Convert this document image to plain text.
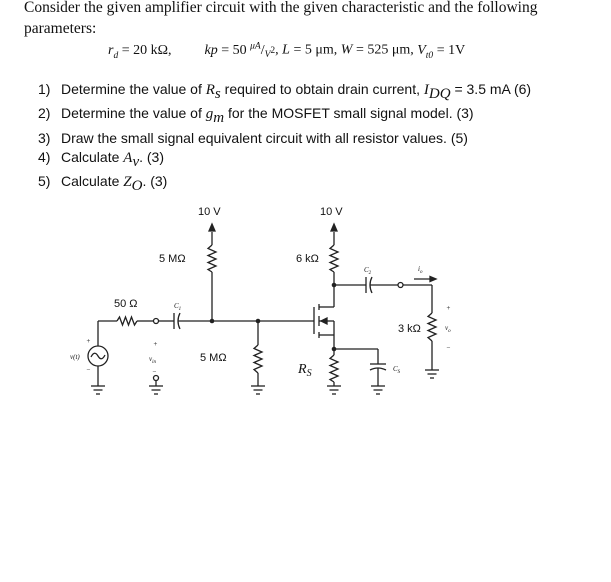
Consider the given amplifier circuit with the given characteristic and the following parameters:
$r_d = 20$ kΩ, kp = 50 $^{\mu A}/_{V^2}$, L = 5 μm, W = 525 μm, $V_{t0} = 1V$
1) Determine the value of $R_s$ required to obtain drain current, $I_{DQ} = 3.5$ mA (6)
2) Determine the value of $g_m$ for the MOSFET small signal model. (3)
3) Draw the small signal equivalent circuit with all resistor values. (5)
4) Calculate $A_v$. (3)
5) Calculate $Z_O$. (3)
10 V	10 V
5 MΩ
5 MΩ
6 kΩ
50 Ω
3 kΩ
$R_S$
$C_1$
$C_2$
$C_S$
v(t)	$v_{in}$
$v_o$
$i_o$
+
−
+
−
+
−
